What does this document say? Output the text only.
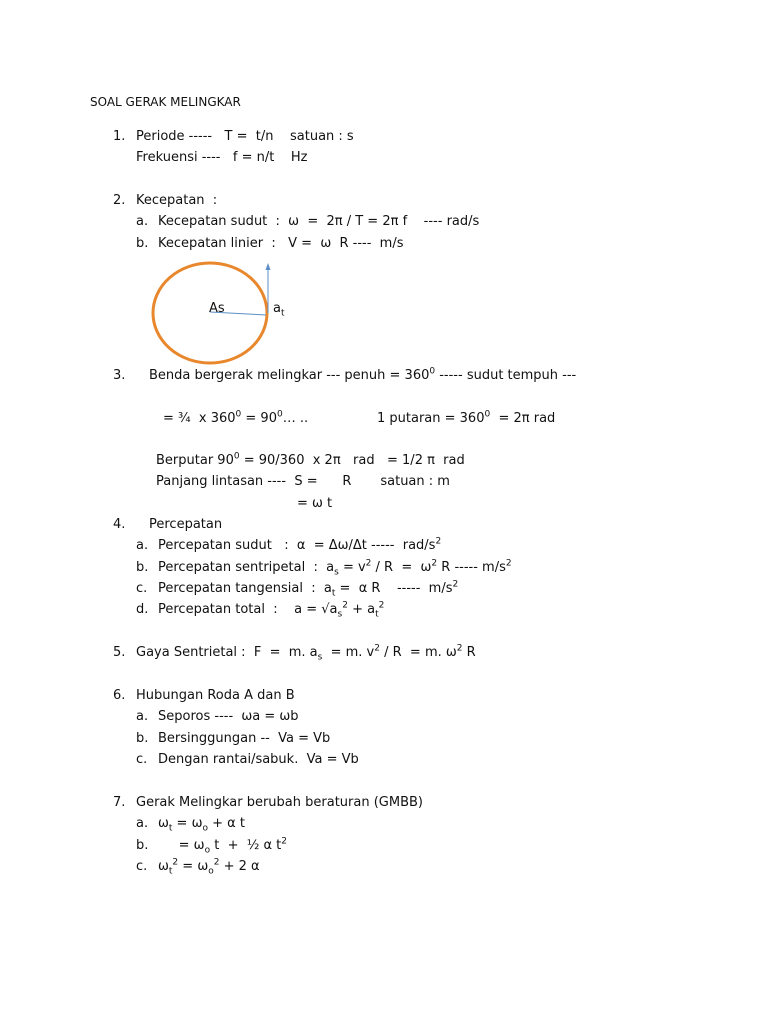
SOAL GERAK MELINGKAR
1. Periode -----   T =  t/n    satuan : s
Frekuensi ----   f = n/t    Hz
2. Kecepatan  :
a. Kecepatan sudut  :  ω  =  2π / T = 2π f    ---- rad/s
b. Kecepatan linier  :   V =  ω  R ----  m/s
As	$a_t$
3. Benda bergerak melingkar --- penuh = $360^0$ ----- sudut tempuh ---
= ¾  x $360^0$ = $90^0\dots$ ..	1 putaran = $360^0 = 2\pi$ rad
Berputar $90^0 = 90/360$  x 2π   rad   = 1/2 π  rad
Panjang lintasan ----  S =      R       satuan : m
= ω t
4. Percepatan
a. Percepatan sudut   :  α  = Δω/Δt -----  rad/$s^2$
b. Percepatan sentripetal  :  $a_s = v^2 / R = \omega^2$ R ----- $m/s^2$
c. Percepatan tangensial  :  $a_t = \alpha$ R    -----  $m/s^2$
d. Percepatan total  :    $a = √a_s^2 + a_t^2$
5. Gaya Sentrietal :  F  =  m. $a_s = m$. $v^2 / R = m$. $\omega^2$ R
6. Hubungan Roda A dan B
a. Seporos ----  ωa = ωb
b. Bersinggungan --  Va = Vb
c. Dengan rantai/sabuk.  Va = Vb
7. Gerak Melingkar berubah beraturan (GMBB)
a. $\omega_t = \omega_o + \alpha$ t
b. = $\omega_o$ t  +  ½ α $t^2$
c. $\omega_t^2 = \omega_o^2 + 2$ α
